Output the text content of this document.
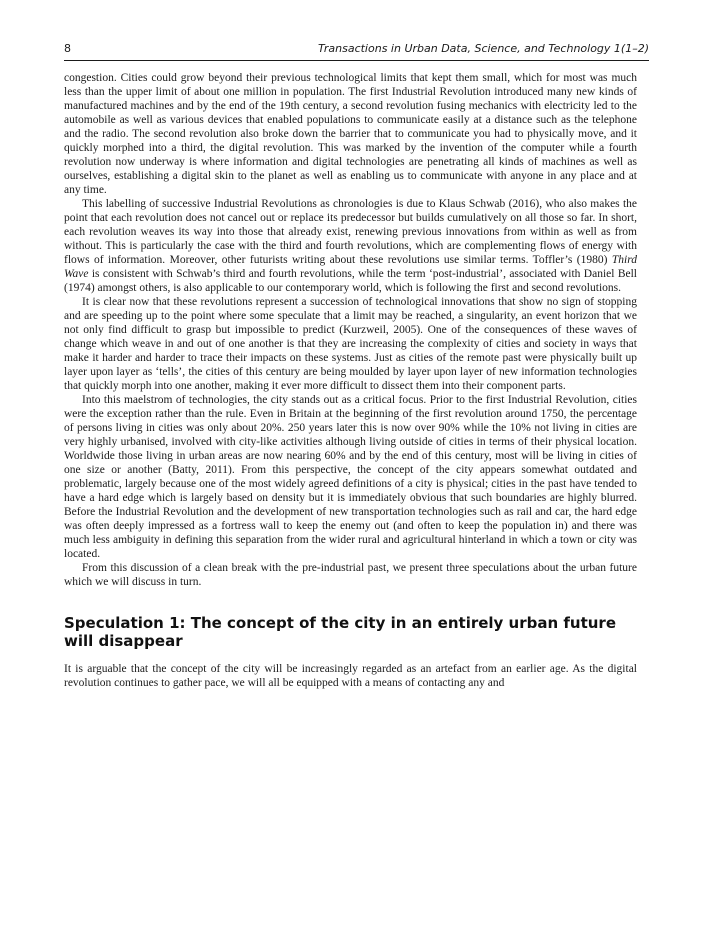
8	Transactions in Urban Data, Science, and Technology 1(1–2)

congestion. Cities could grow beyond their previous technological limits that kept them small, which for most was much less than the upper limit of about one million in population. The first Industrial Revolution introduced many new kinds of manufactured machines and by the end of the 19th century, a second revolution fusing mechanics with electricity led to the automobile as well as various devices that enabled populations to communicate easily at a distance such as the telephone and the radio. The second revolution also broke down the barrier that to communicate you had to physically move, and it quickly morphed into a third, the digital revolution. This was marked by the invention of the computer while a fourth revolution now underway is where information and digital technologies are penetrating all kinds of machines as well as ourselves, establishing a digital skin to the planet as well as enabling us to communicate with anyone in any place and at any time.

This labelling of successive Industrial Revolutions as chronologies is due to Klaus Schwab (2016), who also makes the point that each revolution does not cancel out or replace its predecessor but builds cumulatively on all those so far. In short, each revolution weaves its way into those that already exist, renewing previous innovations from within as well as from without. This is particularly the case with the third and fourth revolutions, which are complementing flows of energy with flows of information. Moreover, other futurists writing about these revolutions use similar terms. Toffler’s (1980) Third Wave is consistent with Schwab’s third and fourth revolutions, while the term ‘post-industrial’, associated with Daniel Bell (1974) amongst others, is also applicable to our contemporary world, which is following the first and second revolutions.

It is clear now that these revolutions represent a succession of technological innovations that show no sign of stopping and are speeding up to the point where some speculate that a limit may be reached, a singularity, an event horizon that we not only find difficult to grasp but impossible to predict (Kurzweil, 2005). One of the consequences of these waves of change which weave in and out of one another is that they are increasing the complexity of cities and society in ways that make it harder and harder to trace their impacts on these systems. Just as cities of the remote past were physically built up layer upon layer as ‘tells’, the cities of this century are being moulded by layer upon layer of new information technologies that quickly morph into one another, making it ever more difficult to dissect them into their component parts.

Into this maelstrom of technologies, the city stands out as a critical focus. Prior to the first Industrial Revolution, cities were the exception rather than the rule. Even in Britain at the beginning of the first revolution around 1750, the percentage of persons living in cities was only about 20%. 250 years later this is now over 90% while the 10% not living in cities are very highly urbanised, involved with city-like activities although living outside of cities in terms of their physical location. Worldwide those living in urban areas are now nearing 60% and by the end of this century, most will be living in cities of one size or another (Batty, 2011). From this perspective, the concept of the city appears somewhat outdated and problematic, largely because one of the most widely agreed definitions of a city is physical; cities in the past have tended to have a hard edge which is largely based on density but it is immediately obvious that such boundaries are highly blurred. Before the Industrial Revolution and the development of new transportation technologies such as rail and car, the hard edge was often deeply impressed as a fortress wall to keep the enemy out (and often to keep the population in) and there was much less ambiguity in defining this separation from the wider rural and agricultural hinterland in which a town or city was located.

From this discussion of a clean break with the pre-industrial past, we present three speculations about the urban future which we will discuss in turn.

Speculation 1: The concept of the city in an entirely urban future will disappear

It is arguable that the concept of the city will be increasingly regarded as an artefact from an earlier age. As the digital revolution continues to gather pace, we will all be equipped with a means of contacting any and
